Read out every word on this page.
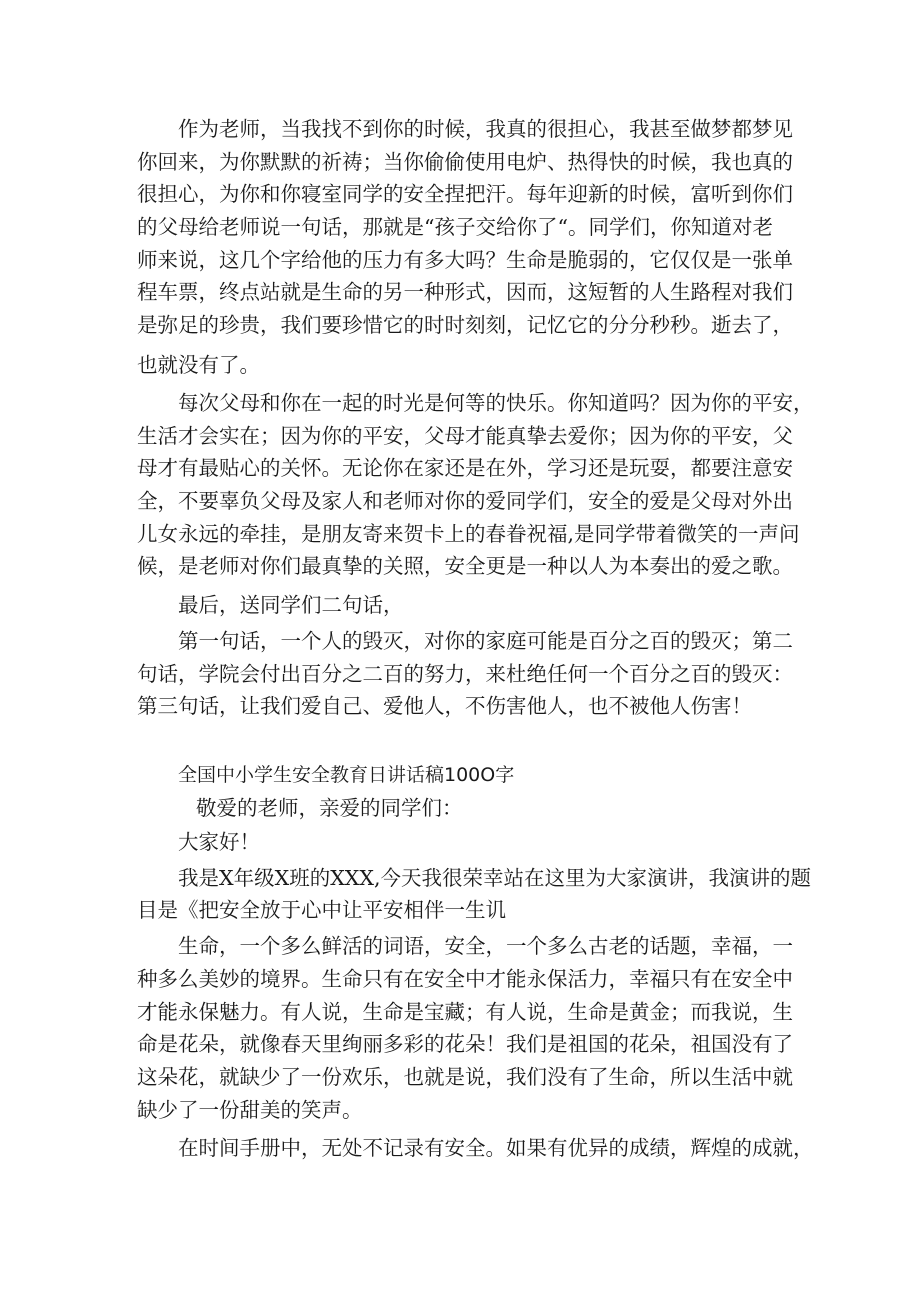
作为老师，当我找不到你的时候，我真的很担心，我甚至做梦都梦见

你回来，为你默默的祈祷；当你偷偷使用电炉、热得快的时候，我也真的

很担心，为你和你寝室同学的安全捏把汗。每年迎新的时候，富听到你们

的父母给老师说一句话，那就是“孩子交给你了“。同学们，你知道对老

师来说，这几个字给他的压力有多大吗？生命是脆弱的，它仅仅是一张单

程车票，终点站就是生命的另一种形式，因而，这短暂的人生路程对我们

是弥足的珍贵，我们要珍惜它的时时刻刻，记忆它的分分秒秒。逝去了，

也就没有了。

每次父母和你在一起的时光是何等的快乐。你知道吗？因为你的平安，

生活才会实在；因为你的平安，父母才能真挚去爱你；因为你的平安，父

母才有最贴心的关怀。无论你在家还是在外，学习还是玩耍，都要注意安

全，不要辜负父母及家人和老师对你的爱同学们，安全的爱是父母对外出

儿女永远的牵挂，是朋友寄来贺卡上的春眷祝福,是同学带着微笑的一声问

候，是老师对你们最真挚的关照，安全更是一种以人为本奏出的爱之歌。

最后，送同学们二句话，

第一句话，一个人的毁灭，对你的家庭可能是百分之百的毁灭；第二

句话，学院会付出百分之二百的努力，来杜绝任何一个百分之百的毁灭：

第三句话，让我们爱自己、爱他人，不伤害他人，也不被他人伤害！

全国中小学生安全教育日讲话稿100O字

敬爱的老师，亲爱的同学们：

大家好！

我是X年级X班的XXX,今天我很荣幸站在这里为大家演讲，我演讲的题

目是《把安全放于心中让平安相伴一生讥

生命，一个多么鲜活的词语，安全，一个多么古老的话题，幸福，一

种多么美妙的境界。生命只有在安全中才能永保活力，幸福只有在安全中

才能永保魅力。有人说，生命是宝藏；有人说，生命是黄金；而我说，生

命是花朵，就像春天里绚丽多彩的花朵！我们是祖国的花朵，祖国没有了

这朵花，就缺少了一份欢乐，也就是说，我们没有了生命，所以生活中就

缺少了一份甜美的笑声。

在时间手册中，无处不记录有安全。如果有优异的成绩，辉煌的成就，
